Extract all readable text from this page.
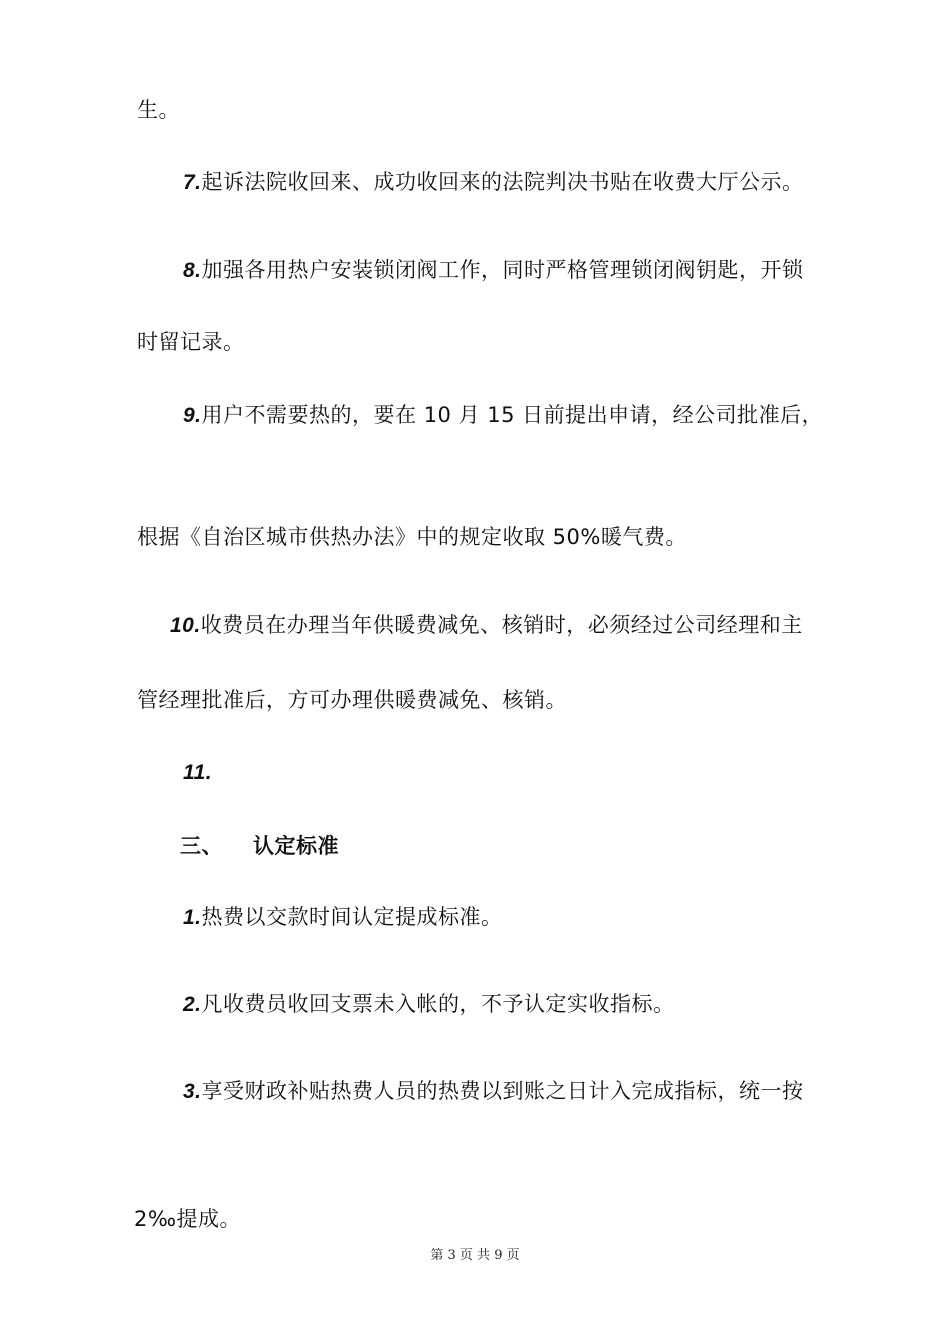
生。
7.起诉法院收回来、成功收回来的法院判决书贴在收费大厅公示。
8.加强各用热户安装锁闭阀工作，同时严格管理锁闭阀钥匙，开锁
时留记录。
9.用户不需要热的，要在 10 月 15 日前提出申请，经公司批准后，
根据《自治区城市供热办法》中的规定收取 50%暖气费。
10.收费员在办理当年供暖费减免、核销时，必须经过公司经理和主
管经理批准后，方可办理供暖费减免、核销。
11.
三、 认定标准
1.热费以交款时间认定提成标准。
2.凡收费员收回支票未入帐的，不予认定实收指标。
3.享受财政补贴热费人员的热费以到账之日计入完成指标，统一按
2‰提成。
第 3 页 共 9 页
